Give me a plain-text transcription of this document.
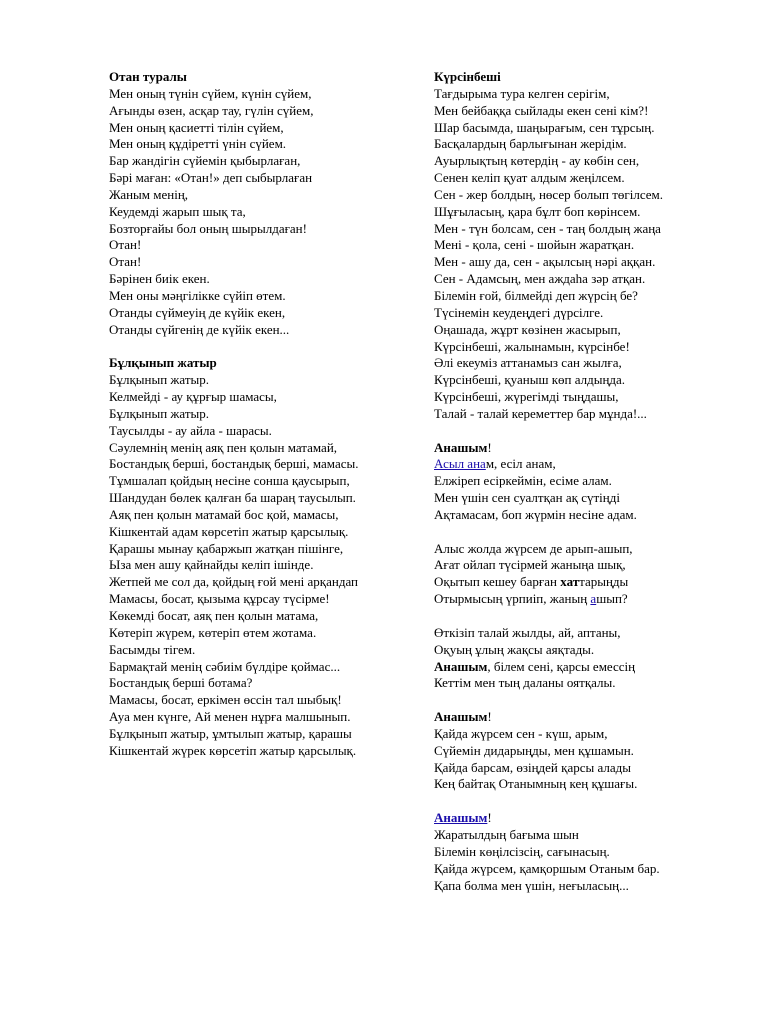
Отан туралы
Мен оның түнін сүйем, күнін сүйем,
Ағынды өзен, асқар тау, гүлін сүйем,
Мен оның қасиетті тілін сүйем,
Мен оның құдіретті үнін сүйем.
Бар жандігін сүйемін қыбырлаған,
Бәрі маған: «Отан!» деп сыбырлаған
Жаным менің,
Кеудемді жарып шық та,
Бозторғайы бол оның шырылдаған!
Отан!
Отан!
Бәрінен биік екен.
Мен оны мәңгілікке сүйіп өтем.
Отанды сүймеуің де күйік екен,
Отанды сүйгенің де күйік екен...
Бұлқынып жатыр
Бұлқынып жатыр.
Келмейді - ау құрғыр шамасы,
Бұлқынып жатыр.
Таусылды - ау айла - шарасы.
Сәулемнің менің аяқ пен қолын матамай,
Бостандық берші, бостандық берші, мамасы.
Тұмшалап қойдың несіне сонша қаусырып,
Шандудан бөлек қалған ба шараң таусылып.
Аяқ пен қолын матамай бос қой, мамасы,
Кішкентай адам көрсетіп жатыр қарсылық.
Қарашы мынау қабаржып жатқан пішінге,
Ыза мен ашу қайнайды келіп ішінде.
Жетпей ме сол да, қойдың ғой мені арқандап
Мамасы, босат, қызыма құрсау түсірме!
Көкемді босат, аяқ пен қолын матама,
Көтеріп жүрем, көтеріп өтем жотама.
Басымды тігем.
Бармақтай менің сәбиім бүлдіре қоймас...
Бостандық берші ботама?
Мамасы, босат, еркімен өссін тал шыбық!
Ауа мен күнге, Ай менен нұрға малшынып.
Бұлқынып жатыр, ұмтылып жатыр, қарашы
Кішкентай жүрек көрсетіп жатыр қарсылық.
Күрсінбеші
Тағдырыма тура келген серігім,
Мен бейбаққа сыйлады екен сені кім?!
Шар басымда, шаңырағым, сен тұрсың.
Басқалардың барлығынан жерідім.
Ауырлықтың көтердің - ау көбін сен,
Сенен келіп қуат алдым жеңілсем.
Сен - жер болдың, нөсер болып төгілсем.
Шұғыласың, қара бұлт боп көрінсем.
Мен - түн болсам, сен - таң болдың жаңа
Мені - қола, сені - шойын жаратқан.
Мен - ашу да, сен - ақылсың нәрі аққан.
Сен - Адамсың, мен аждаһа зәр атқан.
Білемін ғой, білмейді деп жүрсің бе?
Түсінемін кеудеңдегі дүрсілге.
Оңашада, жұрт көзінен жасырып,
Күрсінбеші, жалынамын, күрсінбе!
Әлі екеуміз аттанамыз сан жылға,
Күрсінбеші, қуаныш көп алдыңда.
Күрсінбеші, жүрегімді тыңдашы,
Талай - талай кереметтер бар мұнда!...
Анашым!
Асыл анам, есіл анам,
Елжіреп есіркеймін, есіме алам.
Мен үшін сен суалтқан ақ сүтіңді
Ақтамасам, боп жүрмін несіне адам.
Алыс жолда жүрсем де арып-ашып,
Ағат ойлап түсірмей жаныңа шық,
Оқытып кешеу барған хаттарыңды
Отырмысың үрпиіп, жаның ашып?
Өткізіп талай жылды, ай, аптаны,
Оқуың ұлың жақсы аяқтады.
Анашым, білем сені, қарсы емессің
Кеттім мен тың даланы оятқалы.
Анашым!
Қайда жүрсем сен - күш, арым,
Сүйемін дидарыңды, мен құшамын.
Қайда барсам, өзіңдей қарсы алады
Кең байтақ Отанымның кең құшағы.
Анашым!
Жаратылдың бағыма шын
Білемін көңілсізсің, сағынасың.
Қайда жүрсем, қамқоршым Отаным бар.
Қапа болма мен үшін, неғыласың...
